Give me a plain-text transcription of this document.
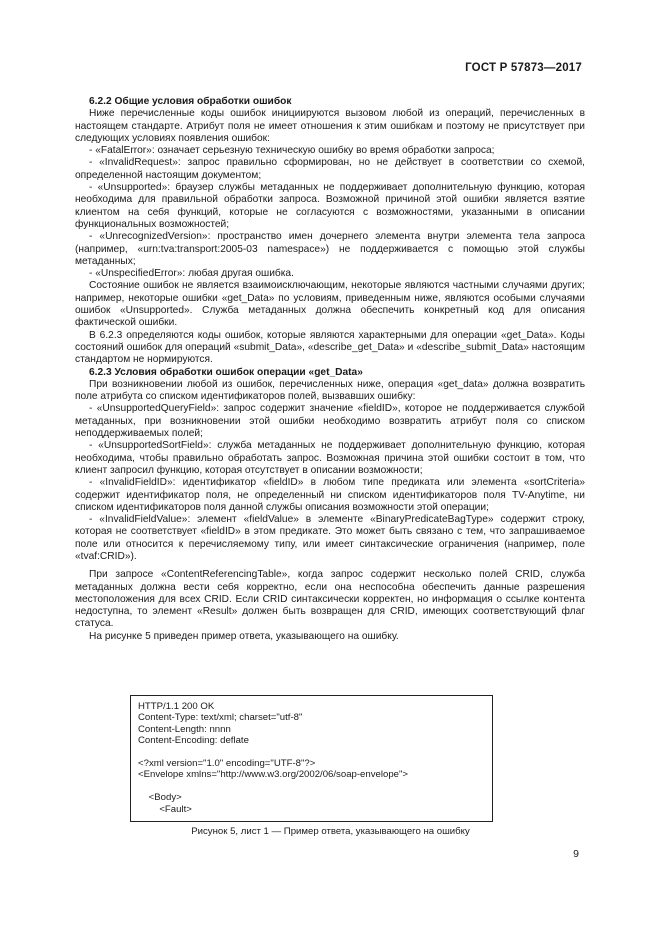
ГОСТ Р 57873—2017

6.2.2 Общие условия обработки ошибок

Ниже перечисленные коды ошибок инициируются вызовом любой из операций, перечисленных в настоящем стандарте. Атрибут поля не имеет отношения к этим ошибкам и поэтому не присутствует при следующих условиях появления ошибок:

- «FatalError»: означает серьезную техническую ошибку во время обработки запроса;

- «InvalidRequest»: запрос правильно сформирован, но не действует в соответствии со схемой, определенной настоящим документом;

- «Unsupported»: браузер службы метаданных не поддерживает дополнительную функцию, которая необходима для правильной обработки запроса. Возможной причиной этой ошибки является взятие клиентом на себя функций, которые не согласуются с возможностями, указанными в описании функциональных возможностей;

- «UnrecognizedVersion»: пространство имен дочернего элемента внутри элемента тела запроса (например, «urn:tva:transport:2005-03 namespace») не поддерживается с помощью этой службы метаданных;

- «UnspecifiedError»: любая другая ошибка.

Состояние ошибок не является взаимоисключающим, некоторые являются частными случаями других; например, некоторые ошибки «get_Data» по условиям, приведенным ниже, являются особыми случаями ошибок «Unsupported». Служба метаданных должна обеспечить конкретный код для описания фактической ошибки.

В 6.2.3 определяются коды ошибок, которые являются характерными для операции «get_Data». Коды состояний ошибок для операций «submit_Data», «describe_get_Data» и «describe_submit_Data» настоящим стандартом не нормируются.

6.2.3 Условия обработки ошибок операции «get_Data»

При возникновении любой из ошибок, перечисленных ниже, операция «get_data» должна возвратить поле атрибута со списком идентификаторов полей, вызвавших ошибку:

- «UnsupportedQueryField»: запрос содержит значение «fieldID», которое не поддерживается службой метаданных, при возникновении этой ошибки необходимо возвратить атрибут поля со списком неподдерживаемых полей;

- «UnsupportedSortField»: служба метаданных не поддерживает дополнительную функцию, которая необходима, чтобы правильно обработать запрос. Возможная причина этой ошибки состоит в том, что клиент запросил функцию, которая отсутствует в описании возможности;

- «InvalidFieldID»: идентификатор «fieldID» в любом типе предиката или элемента «sortCriteria» содержит идентификатор поля, не определенный ни списком идентификаторов поля TV-Anytime, ни списком идентификаторов поля данной службы описания возможности этой операции;

- «InvalidFieldValue»: элемент «fieldValue» в элементе «BinaryPredicateBagType» содержит строку, которая не соответствует «fieldID» в этом предикате. Это может быть связано с тем, что запрашиваемое поле или относится к перечисляемому типу, или имеет синтаксические ограничения (например, поле «tvaf:CRID»).

При запросе «ContentReferencingTable», когда запрос содержит несколько полей CRID, служба метаданных должна вести себя корректно, если она неспособна обеспечить данные разрешения местоположения для всех CRID. Если CRID синтаксически корректен, но информация о ссылке контента недоступна, то элемент «Result» должен быть возвращен для CRID, имеющих соответствующий флаг статуса.

На рисунке 5 приведен пример ответа, указывающего на ошибку.

HTTP/1.1 200 OK
Content-Type: text/xml; charset="utf-8"
Content-Length: nnnn
Content-Encoding: deflate
<?xml version="1.0" encoding="UTF-8"?>
<Envelope xmlns="http://www.w3.org/2002/06/soap-envelope">
<Body>
<Fault>
Рисунок 5, лист 1 — Пример ответа, указывающего на ошибку
9
